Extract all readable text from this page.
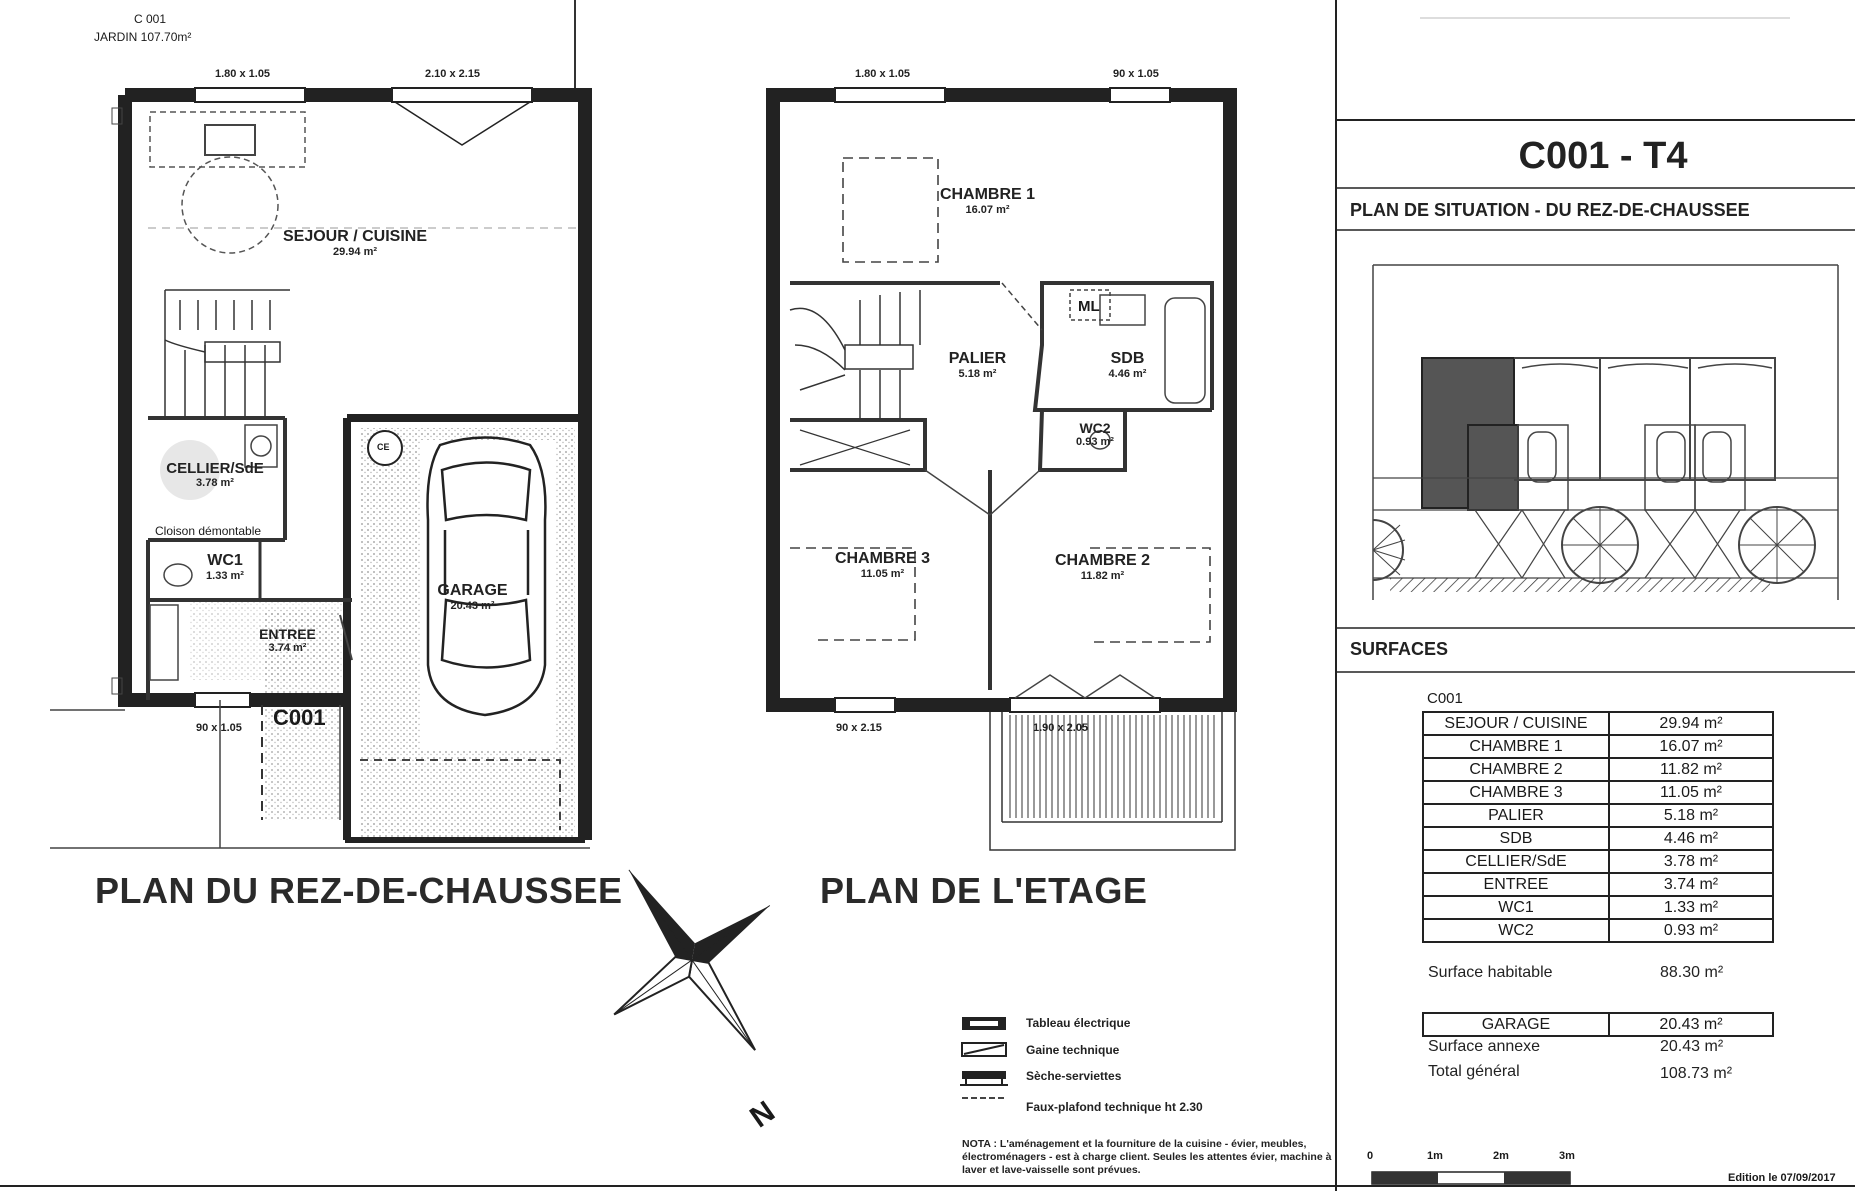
C 001
JARDIN 107.70m²
1.80 x 1.05	2.10 x 2.15
90 x 1.05
SEJOUR / CUISINE
29.94 m²
CELLIER/SdE
3.78 m²
Cloison démontable
WC1
1.33 m²
ENTREE
3.74 m²
GARAGE
20.43 m²
CE
C001
1.80 x 1.05	90 x 1.05
90 x 2.15	1.90 x 2.05
CHAMBRE 1
16.07 m²
PALIER
5.18 m²
ML
SDB
4.46 m²
WC2
0.93 m²
CHAMBRE 3
11.05 m²
CHAMBRE 2
11.82 m²
PLAN DU REZ-DE-CHAUSSEE	PLAN DE L'ETAGE
N
Tableau électrique
Gaine technique
Sèche-serviettes
Faux-plafond technique ht 2.30
NOTA : L'aménagement et la fourniture de la cuisine - évier, meubles, électroménagers - est à charge client. Seules les attentes évier, machine à laver et lave-vaisselle sont prévues.
C001 - T4
PLAN DE SITUATION - DU REZ-DE-CHAUSSEE
SURFACES
C001
SEJOUR / CUISINE	29.94 m²
CHAMBRE 1	16.07 m²
CHAMBRE 2	11.82 m²
CHAMBRE 3	11.05 m²
PALIER	5.18 m²
SDB	4.46 m²
CELLIER/SdE	3.78 m²
ENTREE	3.74 m²
WC1	1.33 m²
WC2	0.93 m²
Surface habitable	88.30 m²
GARAGE	20.43 m²
Surface annexe	20.43 m²
Total général	108.73 m²
0	1m	2m	3m
Edition le 07/09/2017
